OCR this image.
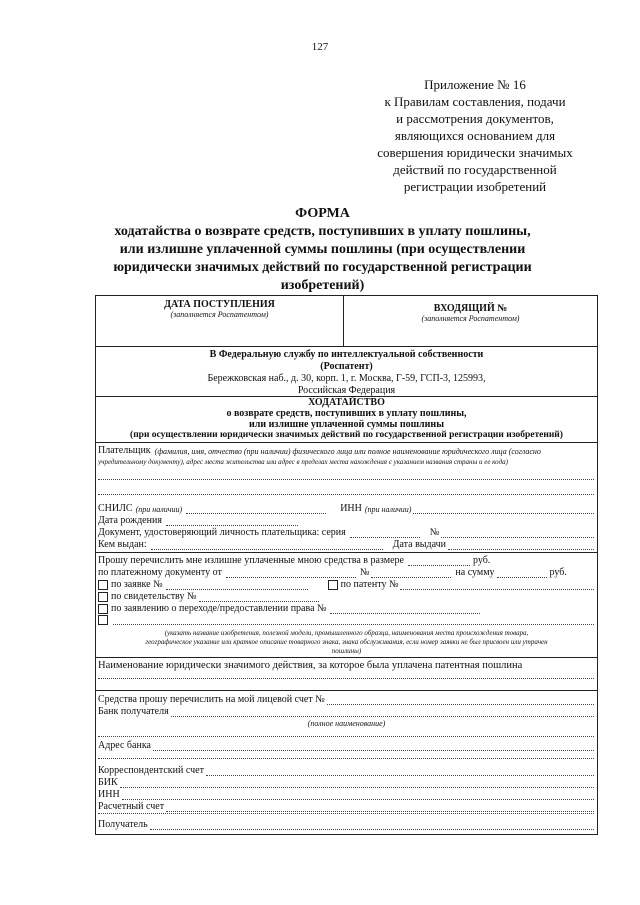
127
Приложение № 16
к Правилам составления, подачи
и рассмотрения документов,
являющихся основанием для
совершения юридически значимых
действий по государственной
регистрации изобретений
ФОРМА
ходатайства о возврате средств, поступивших в уплату пошлины,
или излишне уплаченной суммы пошлины (при осуществлении
юридически значимых действий по государственной регистрации
изобретений)
ДАТА ПОСТУПЛЕНИЯ
(заполняется Роспатентом)
ВХОДЯЩИЙ №
(заполняется Роспатентом)
В Федеральную службу по интеллектуальной собственности
(Роспатент)
Бережковская наб., д. 30, корп. 1, г. Москва, Г-59, ГСП-3, 125993,
Российская Федерация
ХОДАТАЙСТВО
о возврате средств, поступивших в уплату пошлины,
или излишне уплаченной суммы пошлины
(при осуществлении юридически значимых действий по государственной регистрации изобретений)
Плательщик (фамилия, имя, отчество (при наличии) физического лица или полное наименование юридического лица (согласно
учредительному документу), адрес места жительства или адрес в пределах места нахождения с указанием названия страны и ее кода)
СНИЛС (при наличии)	ИНН (при наличии)
Дата рождения
Документ, удостоверяющий личность плательщика: серия	№
Кем выдан:	Дата выдачи
Прошу перечислить мне излишне уплаченные мною средства в размере	руб.
по платежному документу от	№	на сумму	руб.
по заявке №	по патенту №
по свидетельству №
по заявлению о переходе/предоставлении права №
(указать название изобретения, полезной модели, промышленного образца, наименования места происхождения товара,
географическое указание или краткое описание товарного знака, знака обслуживания, если номер заявки не был присвоен или утрачен
пошлины)
Наименование юридически значимого действия, за которое была уплачена патентная пошлина
Средства прошу перечислить на мой лицевой счет №
Банк получателя
(полное наименование)
Адрес банка
Корреспондентский счет
БИК
ИНН
Расчетный счет
Получатель
